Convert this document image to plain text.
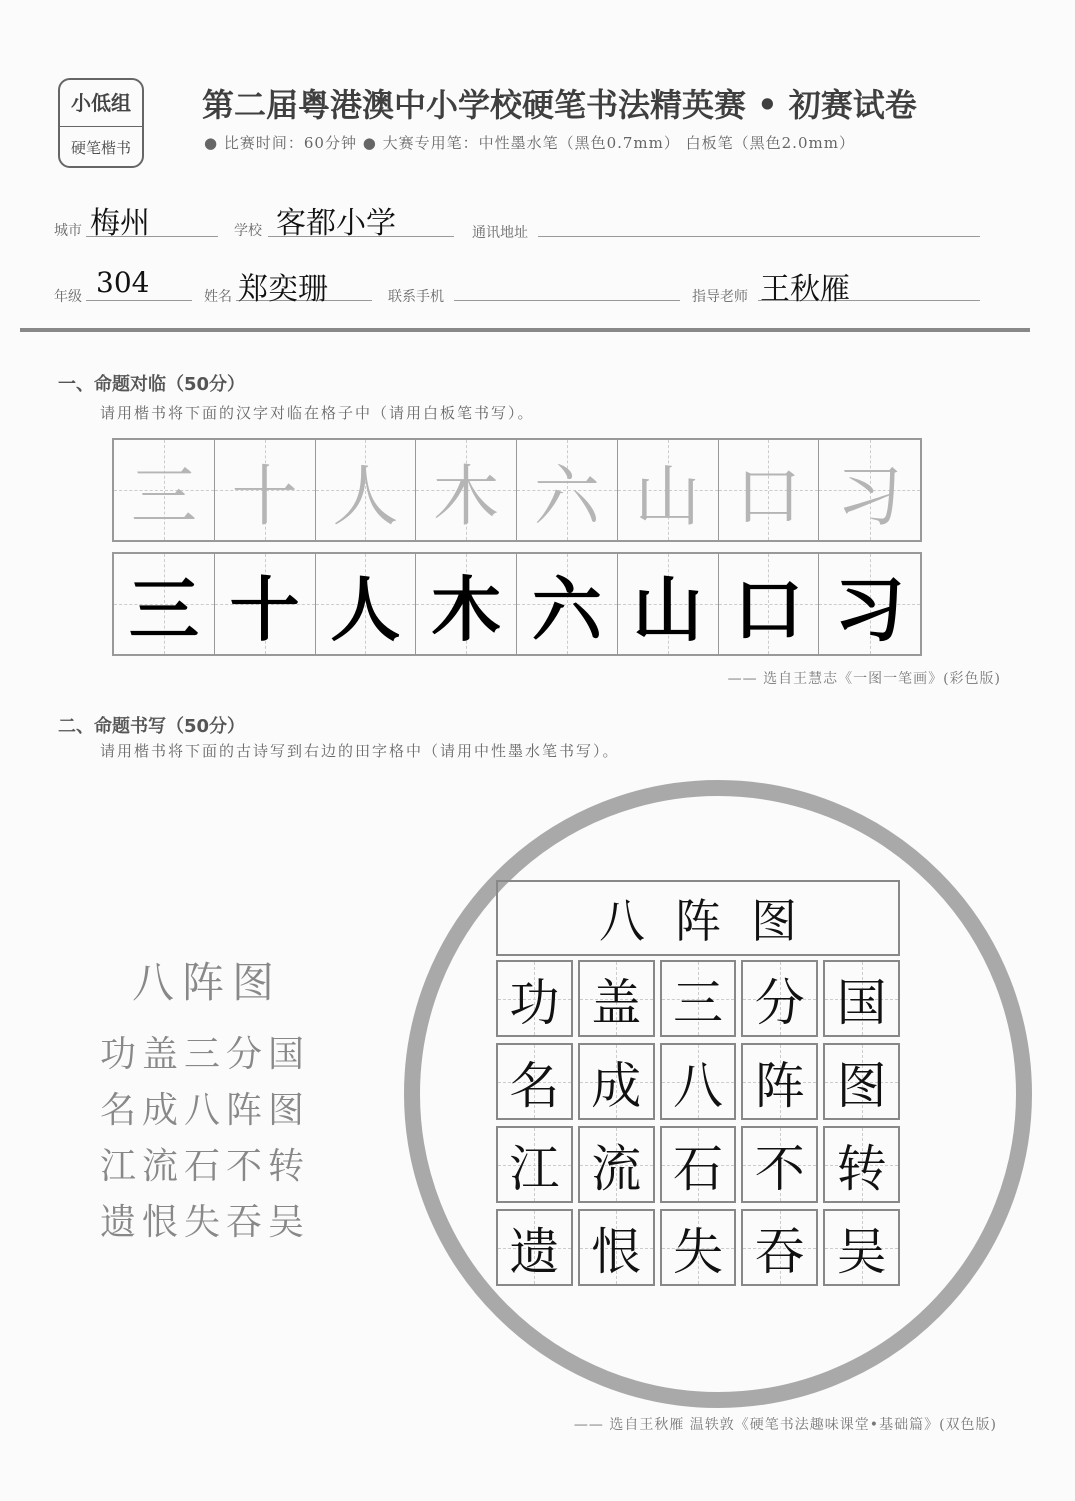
小低组
硬笔楷书
第二届粤港澳中小学校硬笔书法精英赛 • 初赛试卷
● 比赛时间：60分钟 ● 大赛专用笔：中性墨水笔（黑色0.7mm） 白板笔（黑色2.0mm）
城市 梅州	学校 客都小学	通讯地址
年级 304	姓名 郑奕珊	联系手机	指导老师 王秋雁
一、命题对临（50分）
请用楷书将下面的汉字对临在格子中（请用白板笔书写）。
三 十 人 木 六 山 口 习
三 十 人 木 六 山 口 习
—— 选自王慧志《一图一笔画》(彩色版)
二、命题书写（50分）
请用楷书将下面的古诗写到右边的田字格中（请用中性墨水笔书写）。
八阵图
功盖三分国
名成八阵图
江流石不转
遗恨失吞吴
八阵图
功 盖 三 分 国
名 成 八 阵 图
江 流 石 不 转
遗 恨 失 吞 吴
—— 选自王秋雁 温轶敦《硬笔书法趣味课堂•基础篇》(双色版)
